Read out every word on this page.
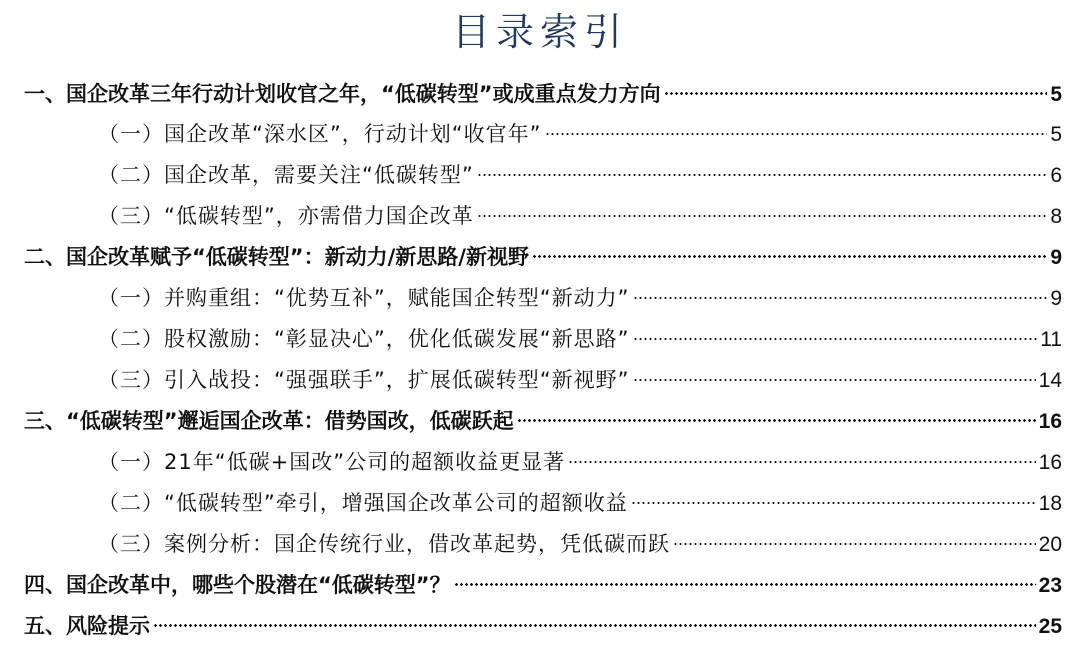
目录索引
一、国企改革三年行动计划收官之年，“低碳转型”或成重点发力方向	5
（一）国企改革“深水区”，行动计划“收官年”	5
（二）国企改革，需要关注“低碳转型”	6
（三）“低碳转型”，亦需借力国企改革	8
二、国企改革赋予“低碳转型”：新动力/新思路/新视野	9
（一）并购重组：“优势互补”，赋能国企转型“新动力”	9
（二）股权激励：“彰显决心”，优化低碳发展“新思路”	11
（三）引入战投：“强强联手”，扩展低碳转型“新视野”	14
三、“低碳转型”邂逅国企改革：借势国改，低碳跃起	16
（一）21年“低碳+国改”公司的超额收益更显著	16
（二）“低碳转型”牵引，增强国企改革公司的超额收益	18
（三）案例分析：国企传统行业，借改革起势，凭低碳而跃	20
四、国企改革中，哪些个股潜在“低碳转型”？	23
五、风险提示	25
